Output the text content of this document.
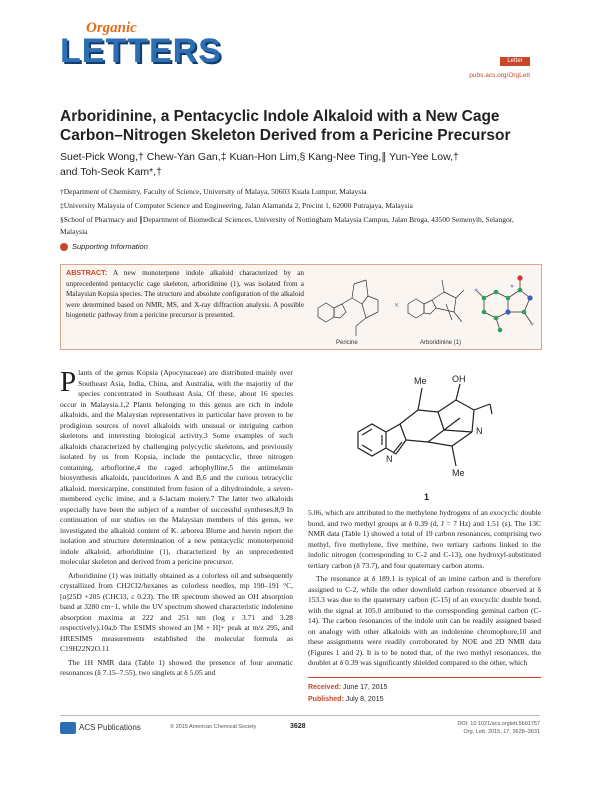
Organic
LETTERS	Letter
pubs.acs.org/OrgLett
Arboridinine, a Pentacyclic Indole Alkaloid with a New Cage Carbon–Nitrogen Skeleton Derived from a Pericine Precursor
Suet-Pick Wong,† Chew-Yan Gan,‡ Kuan-Hon Lim,§ Kang-Nee Ting,∥ Yun-Yee Low,†
and Toh-Seok Kam*,†

†Department of Chemistry, Faculty of Science, University of Malaya, 50603 Kuala Lumpur, Malaysia

‡University Malaysia of Computer Science and Engineering, Jalan Alamanda 2, Precint 1, 62000 Putrajaya, Malaysia

§School of Pharmacy and ∥Department of Biomedical Sciences, University of Nottingham Malaysia Campus, Jalan Broga, 43500 Semenyih, Selangor, Malaysia

Supporting Information
ABSTRACT: A new monoterpene indole alkaloid characterized by an unprecedented pentacyclic cage skeleton, arboridinine (1), was isolated from a Malaysian Kopsia species. The structure and absolute configuration of the alkaloid were determined based on NMR, MS, and X-ray diffraction analysis. A possible biogenetic pathway from a pericine precursor is presented.
Pericine
×
Arboridinine (1)

Plants of the genus Kopsia (Apocynaceae) are distributed mainly over Southeast Asia, India, China, and Australia, with the majority of the species concentrated in Southeast Asia. Of these, about 16 species occur in Malaysia.1,2 Plants belonging to this genus are rich in indole alkaloids, and the Malaysian representatives in particular have proven to be prodigious sources of novel alkaloids with unusual or intriguing carbon skeletons and interesting biological activity.3 Some examples of such alkaloids characterized by challenging polycyclic skeletons, and previously isolated by us from Kopsia, include the pentacyclic, three nitrogen containing, arboflorine,4 the caged arbophylline,5 the antimelanin biosynthesis alkaloids, paucidorines A and B,6 and the curious tetracyclic alkaloid, mersicarpine, constituted from fusion of a dihydroindole, a seven-membered cyclic imine, and a δ-lactam moiety.7 The latter two alkaloids especially have been the subject of a number of successful syntheses.8,9 In continuation of our studies on the Malaysian members of this genus, we investigated the alkaloid content of K. arborea Blume and herein report the isolation and structure determination of a new pentacyclic monoterpenoid indole alkaloid, arboridinine (1), characterized by an unprecedented molecular skeleton and derived from a pericine precursor.

Arboridinine (1) was initially obtained as a colorless oil and subsequently crystallized from CH2Cl2/hexanes as colorless needles, mp 190–191 °C, [α]25D +205 (CHCl3, c 0.23). The IR spectrum showed an OH absorption band at 3280 cm−1, while the UV spectrum showed characteristic indolenine absorption maxima at 222 and 251 nm (log ε 3.71 and 3.28 respectively).10a,b The ESIMS showed an [M + H]+ peak at m/z 295, and HRESIMS measurements established the molecular formula as C19H22N2O.11

The 1H NMR data (Table 1) showed the presence of four aromatic resonances (δ 7.15–7.55), two singlets at δ 5.05 and

Me	OH
N
N
Me
1

5.06, which are attributed to the methylene hydrogens of an exocyclic double bond, and two methyl groups at δ 0.39 (d, J = 7 Hz) and 1.51 (s). The 13C NMR data (Table 1) showed a total of 19 carbon resonances, comprising two methyl, five methylene, five methine, two tertiary carbons linked to the indolic nitrogen (corresponding to C-2 and C-13), one hydroxyl-substituted tertiary carbon (δ 73.7), and four quaternary carbon atoms.

The resonance at δ 189.1 is typical of an imine carbon and is therefore assigned to C-2, while the other downfield carbon resonance observed at δ 153.3 was due to the quaternary carbon (C-15) of an exocyclic double bond, with the signal at 105.0 attributed to the corresponding geminal carbon (C-14). The carbon resonances of the indole unit can be readily assigned based on analogy with other alkaloids with an indolenine chromophore,10 and these assignments were readily corroborated by NOE and 2D NMR data (Figures 1 and 2). It is to be noted that, of the two methyl resonances, the doublet at δ 0.39 was significantly shielded compared to the other, which

Received: June 17, 2015
Published: July 8, 2015
ACS Publications	© 2015 American Chemical Society	3628	DOI: 10.1021/acs.orglett.5b01757
Org. Lett. 2015, 17, 3628–3631
